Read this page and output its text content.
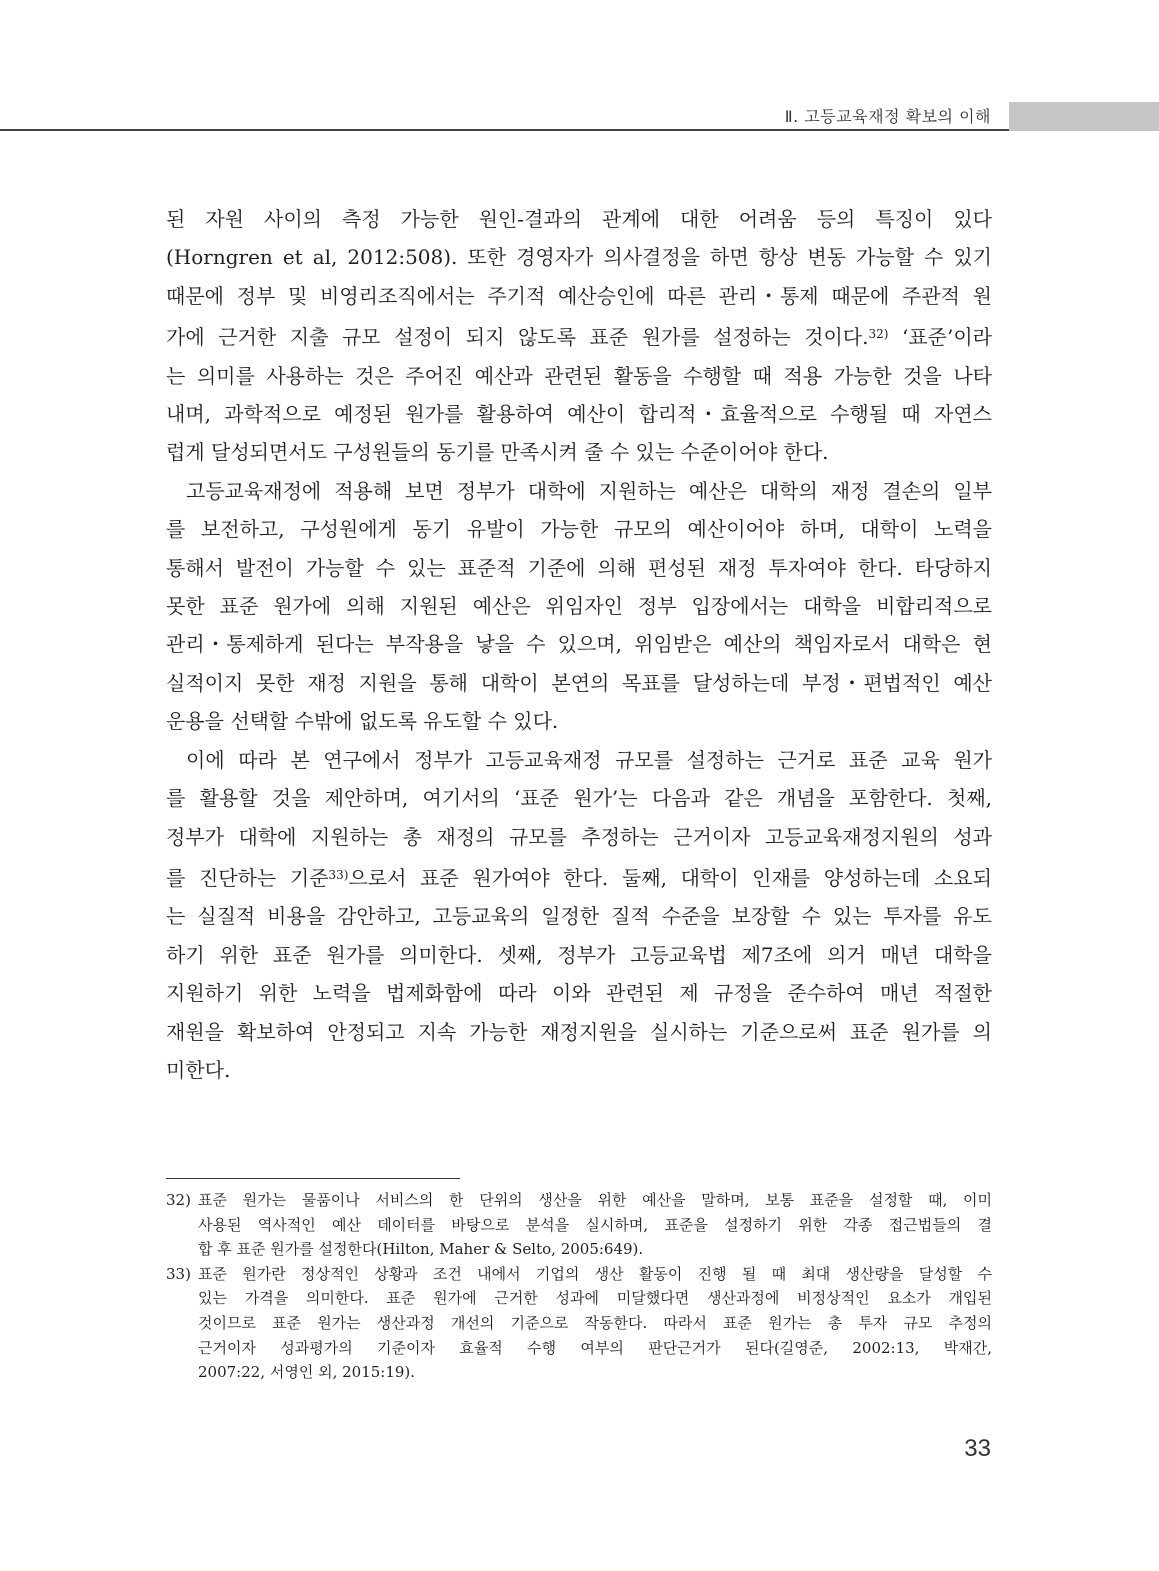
Ⅱ. 고등교육재정 확보의 이해

된 자원 사이의 측정 가능한 원인-결과의 관계에 대한 어려움 등의 특징이 있다
(Horngren et al, 2012:508). 또한 경영자가 의사결정을 하면 항상 변동 가능할 수 있기
때문에 정부 및 비영리조직에서는 주기적 예산승인에 따른 관리･통제 때문에 주관적 원
가에 근거한 지출 규모 설정이 되지 않도록 표준 원가를 설정하는 것이다.$^{32)}$ ‘표준’이라
는 의미를 사용하는 것은 주어진 예산과 관련된 활동을 수행할 때 적용 가능한 것을 나타
내며, 과학적으로 예정된 원가를 활용하여 예산이 합리적･효율적으로 수행될 때 자연스
럽게 달성되면서도 구성원들의 동기를 만족시켜 줄 수 있는 수준이어야 한다.

고등교육재정에 적용해 보면 정부가 대학에 지원하는 예산은 대학의 재정 결손의 일부
를 보전하고, 구성원에게 동기 유발이 가능한 규모의 예산이어야 하며, 대학이 노력을
통해서 발전이 가능할 수 있는 표준적 기준에 의해 편성된 재정 투자여야 한다. 타당하지
못한 표준 원가에 의해 지원된 예산은 위임자인 정부 입장에서는 대학을 비합리적으로
관리･통제하게 된다는 부작용을 낳을 수 있으며, 위임받은 예산의 책임자로서 대학은 현
실적이지 못한 재정 지원을 통해 대학이 본연의 목표를 달성하는데 부정･편법적인 예산
운용을 선택할 수밖에 없도록 유도할 수 있다.

이에 따라 본 연구에서 정부가 고등교육재정 규모를 설정하는 근거로 표준 교육 원가
를 활용할 것을 제안하며, 여기서의 ‘표준 원가’는 다음과 같은 개념을 포함한다. 첫째,
정부가 대학에 지원하는 총 재정의 규모를 추정하는 근거이자 고등교육재정지원의 성과
를 진단하는 기준$^{33)}$으로서 표준 원가여야 한다. 둘째, 대학이 인재를 양성하는데 소요되
는 실질적 비용을 감안하고, 고등교육의 일정한 질적 수준을 보장할 수 있는 투자를 유도
하기 위한 표준 원가를 의미한다. 셋째, 정부가 고등교육법 제7조에 의거 매년 대학을
지원하기 위한 노력을 법제화함에 따라 이와 관련된 제 규정을 준수하여 매년 적절한
재원을 확보하여 안정되고 지속 가능한 재정지원을 실시하는 기준으로써 표준 원가를 의
미한다.

32) 표준 원가는 물품이나 서비스의 한 단위의 생산을 위한 예산을 말하며, 보통 표준을 설정할 때, 이미
사용된 역사적인 예산 데이터를 바탕으로 분석을 실시하며, 표준을 설정하기 위한 각종 접근법들의 결
합 후 표준 원가를 설정한다(Hilton, Maher & Selto, 2005:649).
33) 표준 원가란 정상적인 상황과 조건 내에서 기업의 생산 활동이 진행 될 때 최대 생산량을 달성할 수
있는 가격을 의미한다. 표준 원가에 근거한 성과에 미달했다면 생산과정에 비정상적인 요소가 개입된
것이므로 표준 원가는 생산과정 개선의 기준으로 작동한다. 따라서 표준 원가는 총 투자 규모 추정의
근거이자 성과평가의 기준이자 효율적 수행 여부의 판단근거가 된다(길영준, 2002:13, 박재간,
2007:22, 서영인 외, 2015:19).
33
